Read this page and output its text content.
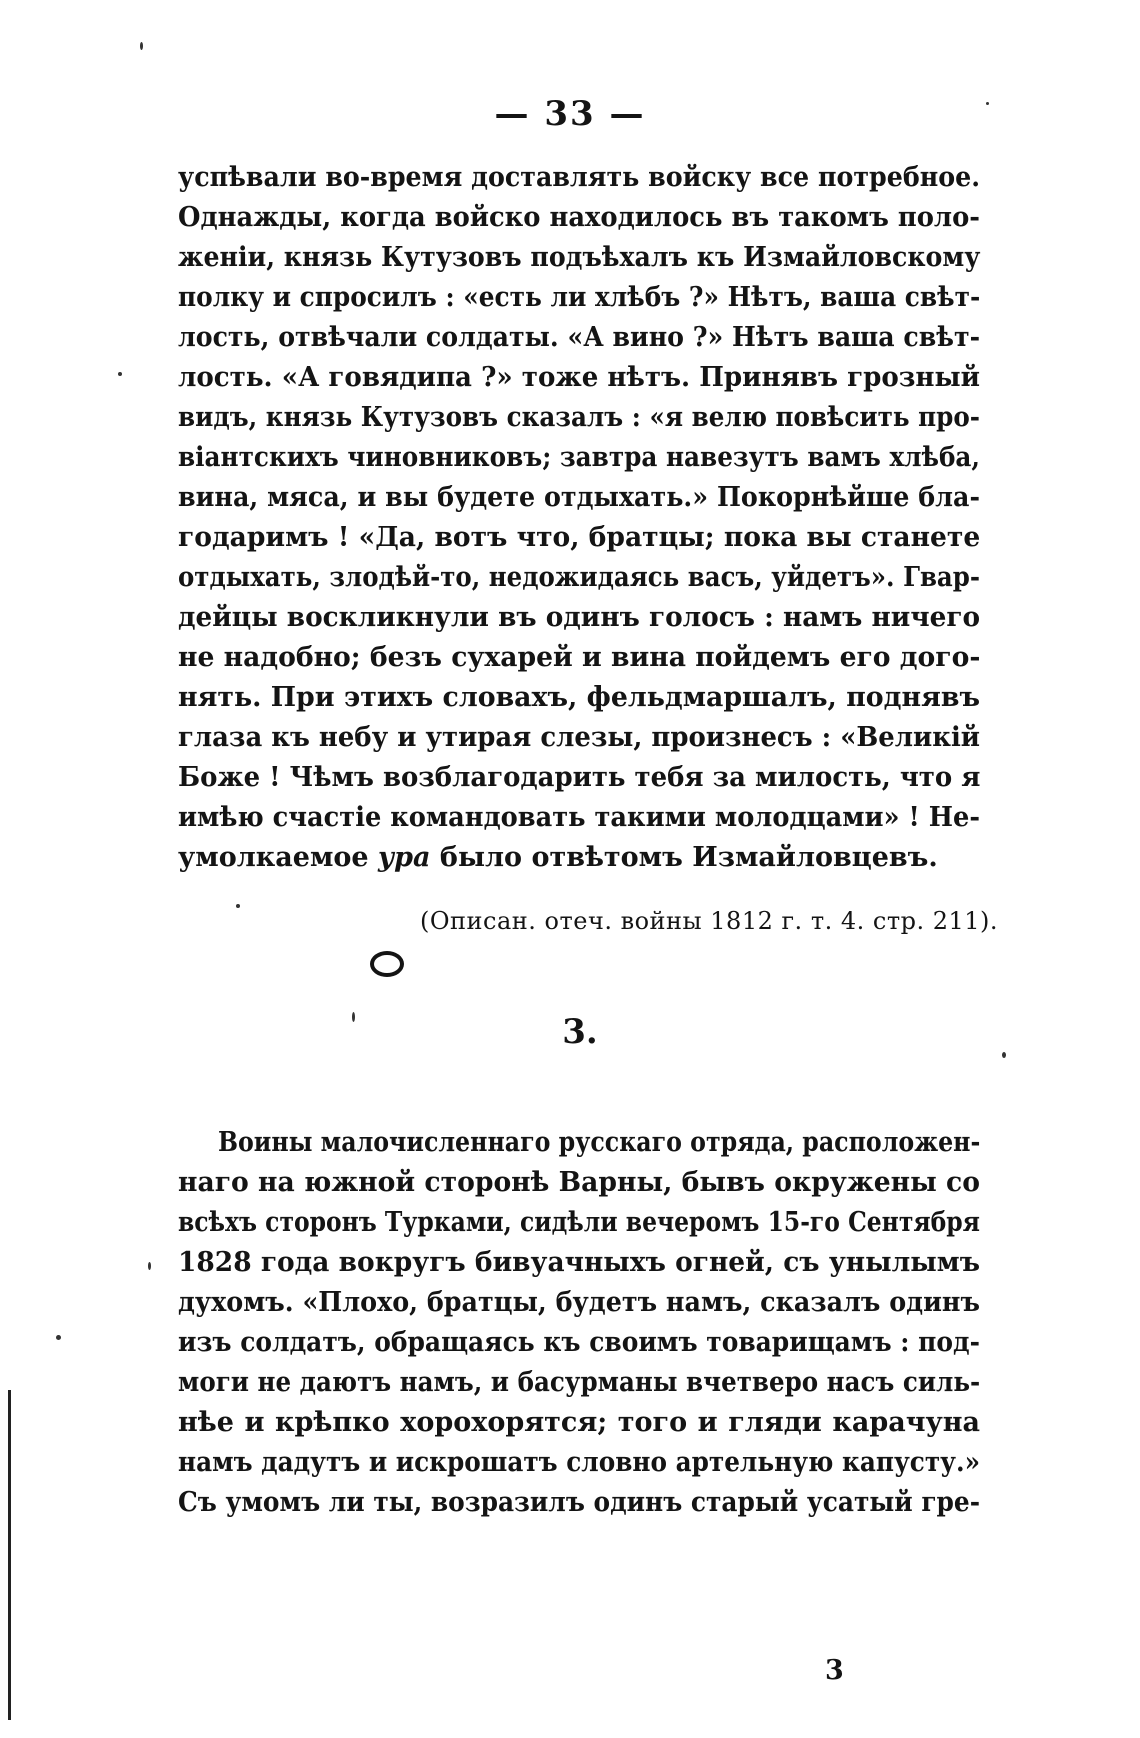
— 33 —
успѣвали во-время доставлять войску все потребное.
Однажды, когда войско находилось въ такомъ поло-
женіи, князь Кутузовъ подъѣхалъ къ Измайловскому
полку и спросилъ : «есть ли хлѣбъ ?» Нѣтъ, ваша свѣт-
лость, отвѣчали солдаты. «А вино ?» Нѣтъ ваша свѣт-
лость. «А говядипа ?» тоже нѣтъ. Принявъ грозный
видъ, князь Кутузовъ сказалъ : «я велю повѣсить про-
віантскихъ чиновниковъ; завтра навезутъ вамъ хлѣба,
вина, мяса, и вы будете отдыхать.» Покорнѣйше бла-
годаримъ ! «Да, вотъ что, братцы; пока вы станете
отдыхать, злодѣй-то, недожидаясь васъ, уйдетъ». Гвар-
дейцы воскликнули въ одинъ голосъ : намъ ничего
не надобно; безъ сухарей и вина пойдемъ его догo-
нять. При этихъ словахъ, фельдмаршалъ, поднявъ
глаза къ небу и утирая слезы, произнесъ : «Великій
Боже ! Чѣмъ возблагодарить тебя за милость, что я
имѣю счастіе командовать такими молодцами» ! Не-
умолкаемое ура было отвѣтомъ Измайловцевъ.
(Описан. отеч. войны 1812 г. т. 4. стр. 211).
3.
Воины малочисленнаго русскаго отряда, расположен-
наго на южной сторонѣ Варны, бывъ окружены со
всѣхъ сторонъ Турками, сидѣли вечеромъ 15-го Сентября
1828 года вокругъ бивуачныхъ огней, съ унылымъ
духомъ. «Плохо, братцы, будетъ намъ, сказалъ одинъ
изъ солдатъ, обращаясь къ своимъ товарищамъ : под-
моги не даютъ намъ, и басурманы вчетверо насъ силь-
нѣе и крѣпко хорохорятся; того и гляди карачуна
намъ дадутъ и искрошатъ словно артельную капусту.»
Съ умомъ ли ты, возразилъ одинъ старый усатый гре-
3
